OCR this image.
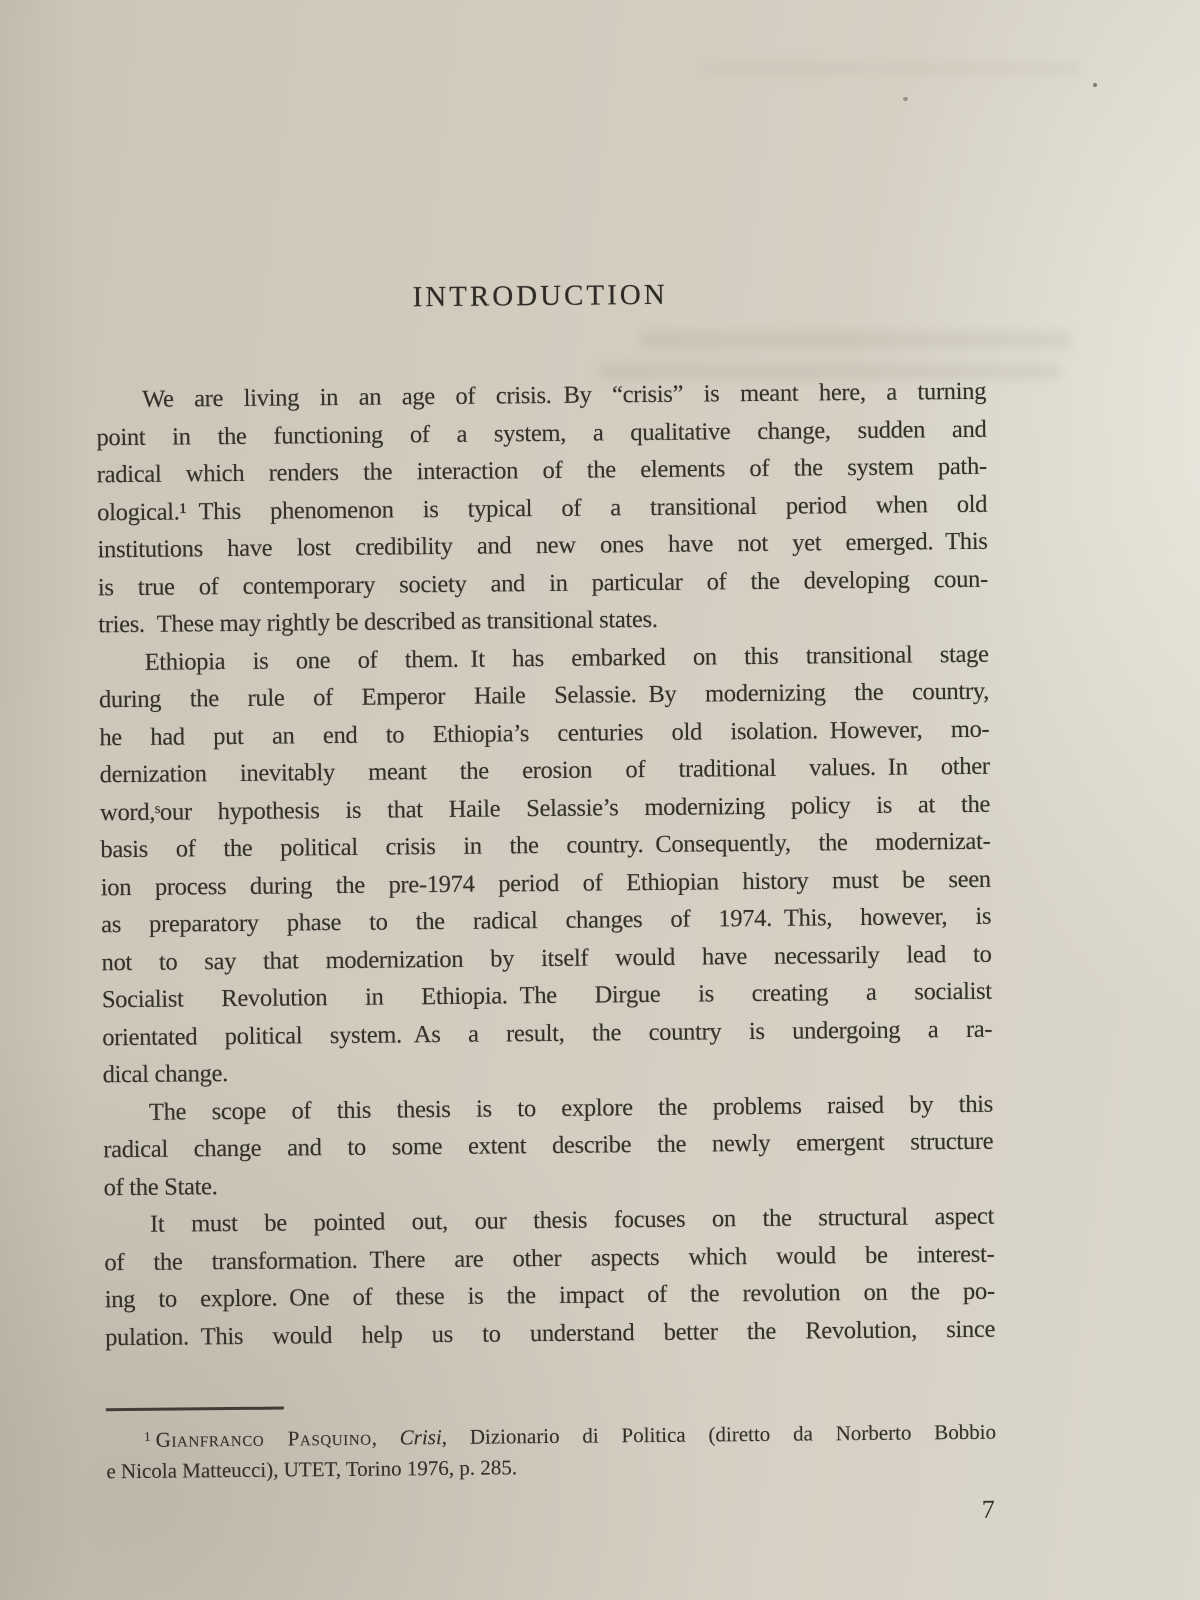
INTRODUCTION
We are living in an age of crisis. By “crisis” is meant here, a turning
point in the functioning of a system, a qualitative change, sudden and
radical which renders the interaction of the elements of the system path-
ological.¹ This phenomenon is typical of a transitional period when old
institutions have lost credibility and new ones have not yet emerged. This
is true of contemporary society and in particular of the developing coun-
tries. These may rightly be described as transitional states.
Ethiopia is one of them. It has embarked on this transitional stage
during the rule of Emperor Haile Selassie. By modernizing the country,
he had put an end to Ethiopia’s centuries old isolation. However, mo-
dernization inevitably meant the erosion of traditional values. In other
word,ˢour hypothesis is that Haile Selassie’s modernizing policy is at the
basis of the political crisis in the country. Consequently, the modernizat-
ion process during the pre-1974 period of Ethiopian history must be seen
as preparatory phase to the radical changes of 1974. This, however, is
not to say that modernization by itself would have necessarily lead to
Socialist Revolution in Ethiopia. The Dirgue is creating a socialist
orientated political system. As a result, the country is undergoing a ra-
dical change.
The scope of this thesis is to explore the problems raised by this
radical change and to some extent describe the newly emergent structure
of the State.
It must be pointed out, our thesis focuses on the structural aspect
of the transformation. There are other aspects which would be interest-
ing to explore. One of these is the impact of the revolution on the po-
pulation. This would help us to understand better the Revolution, since
$^1$ Gianfranco Pasquino, Crisi, Dizionario di Politica (diretto da Norberto Bobbio
e Nicola Matteucci), UTET, Torino 1976, p. 285.
7
